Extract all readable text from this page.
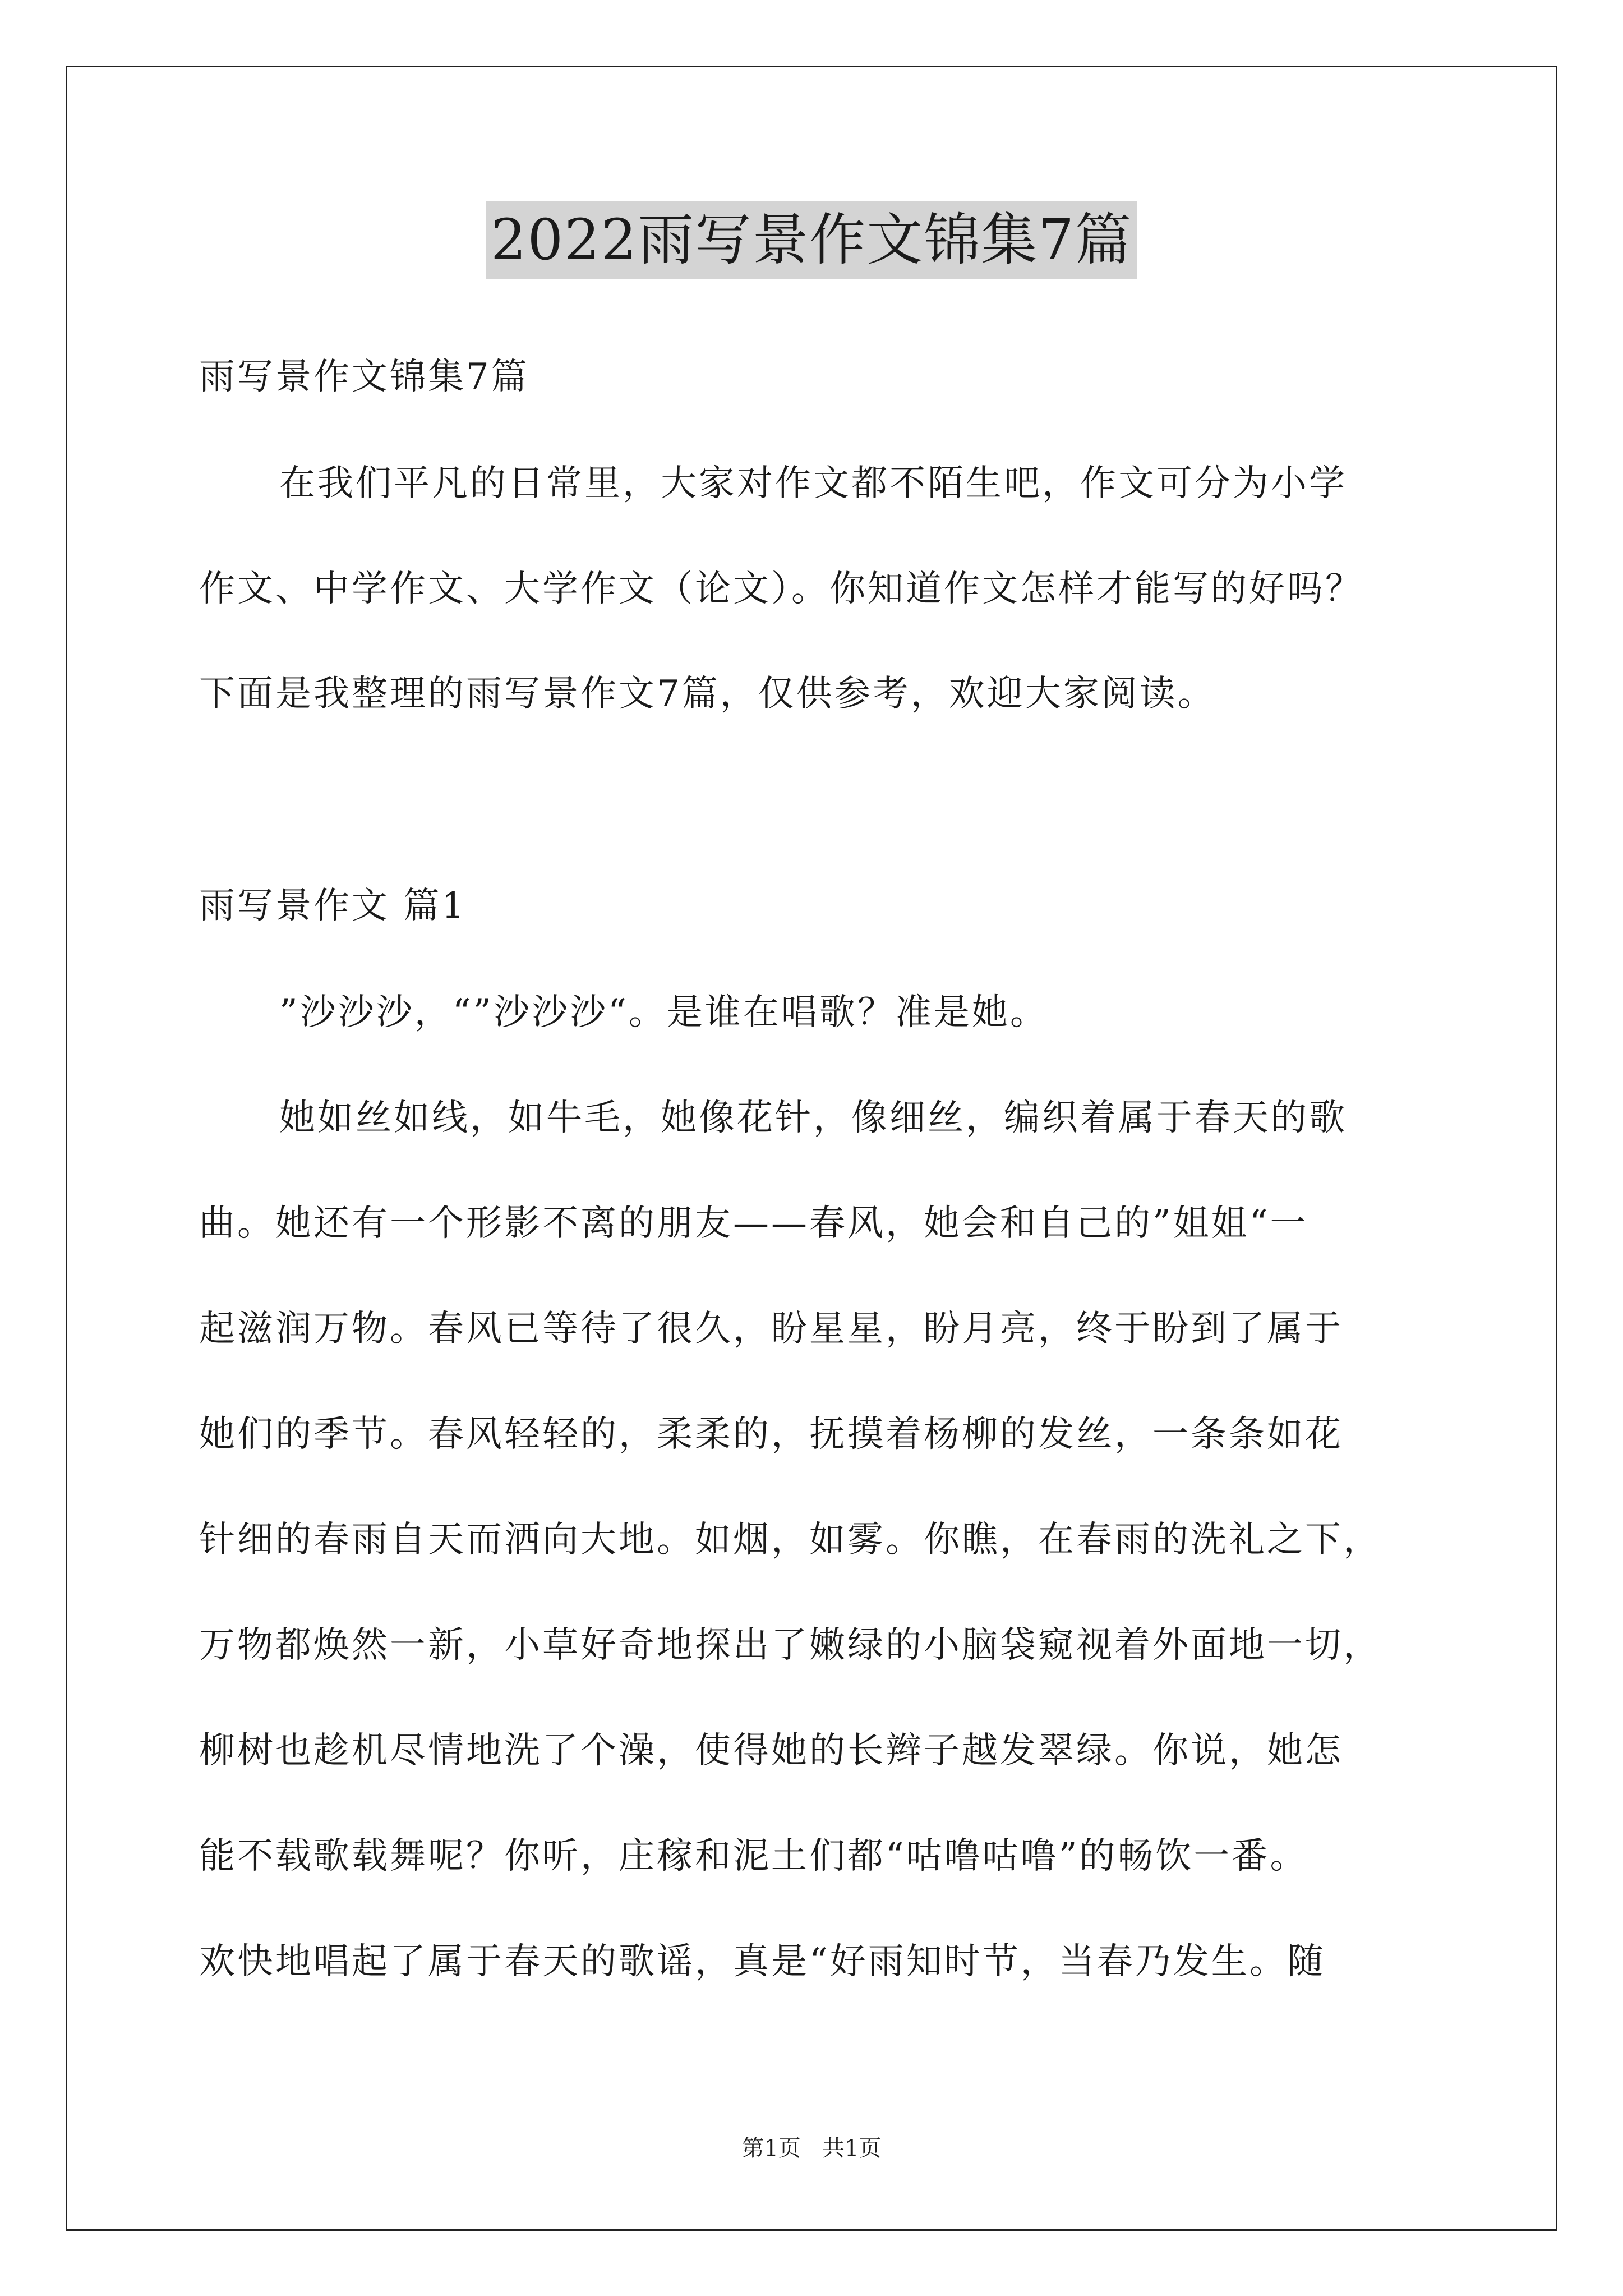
2022雨写景作文锦集7篇
雨写景作文锦集7篇
在我们平凡的日常里，大家对作文都不陌生吧，作文可分为小学
作文、中学作文、大学作文（论文）。你知道作文怎样才能写的好吗？
下面是我整理的雨写景作文7篇，仅供参考，欢迎大家阅读。
雨写景作文 篇1
”沙沙沙，“”沙沙沙“。是谁在唱歌？准是她。
她如丝如线，如牛毛，她像花针，像细丝，编织着属于春天的歌
曲。她还有一个形影不离的朋友——春风，她会和自己的”姐姐“一
起滋润万物。春风已等待了很久，盼星星，盼月亮，终于盼到了属于
她们的季节。春风轻轻的，柔柔的，抚摸着杨柳的发丝，一条条如花
针细的春雨自天而洒向大地。如烟，如雾。你瞧，在春雨的洗礼之下，
万物都焕然一新，小草好奇地探出了嫩绿的小脑袋窥视着外面地一切，
柳树也趁机尽情地洗了个澡，使得她的长辫子越发翠绿。你说，她怎
能不载歌载舞呢？你听，庄稼和泥土们都“咕噜咕噜”的畅饮一番。
欢快地唱起了属于春天的歌谣，真是“好雨知时节，当春乃发生。随
第1页   共1页
